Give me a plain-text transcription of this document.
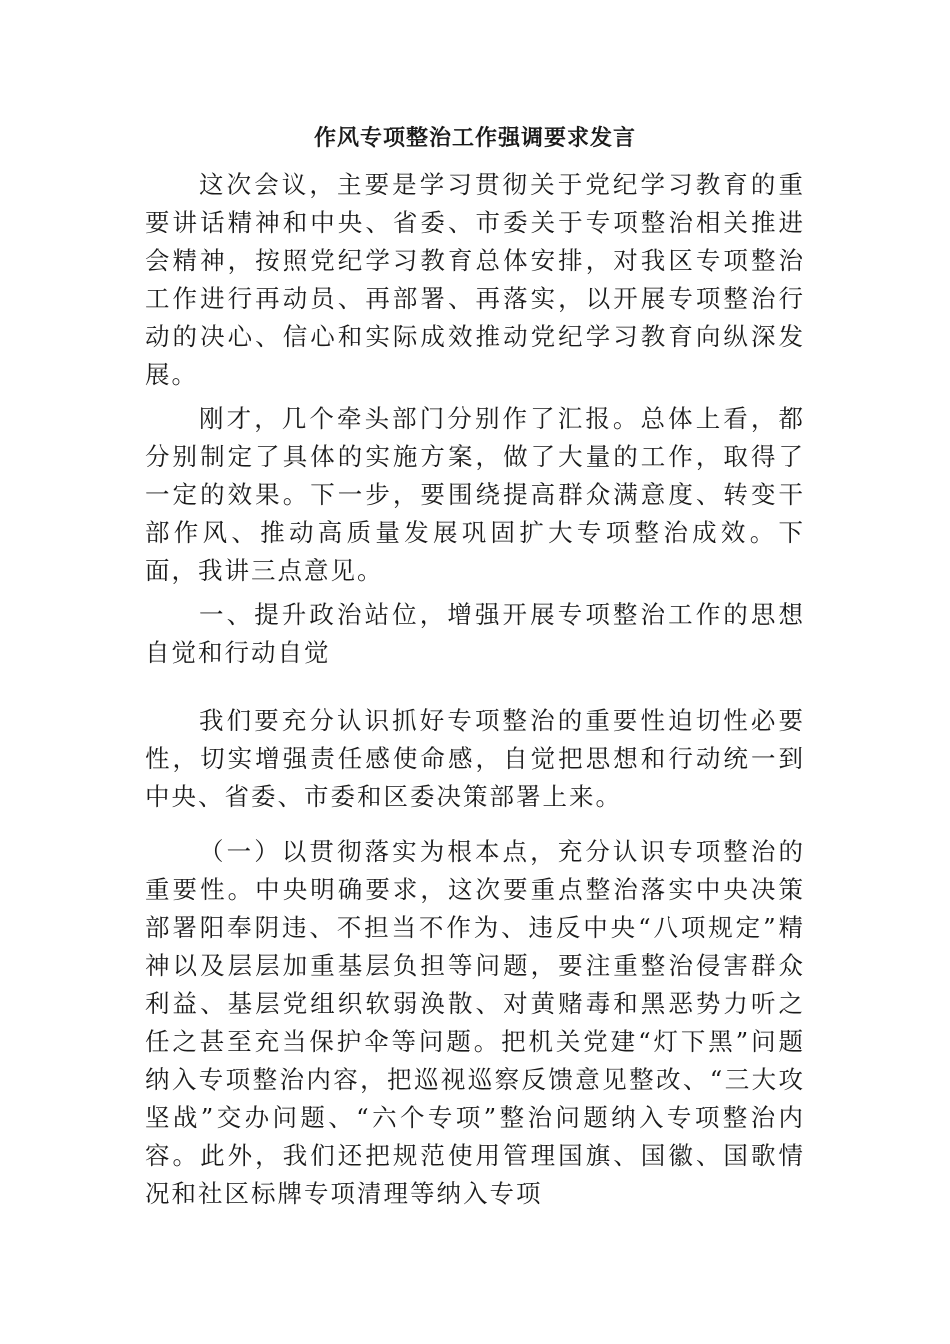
作风专项整治工作强调要求发言

这次会议，主要是学习贯彻关于党纪学习教育的重要讲话精神和中央、省委、市委关于专项整治相关推进会精神，按照党纪学习教育总体安排，对我区专项整治工作进行再动员、再部署、再落实，以开展专项整治行动的决心、信心和实际成效推动党纪学习教育向纵深发展。

刚才，几个牵头部门分别作了汇报。总体上看，都分别制定了具体的实施方案，做了大量的工作，取得了一定的效果。下一步，要围绕提高群众满意度、转变干部作风、推动高质量发展巩固扩大专项整治成效。下面，我讲三点意见。

一、提升政治站位，增强开展专项整治工作的思想自觉和行动自觉

我们要充分认识抓好专项整治的重要性迫切性必要性，切实增强责任感使命感，自觉把思想和行动统一到中央、省委、市委和区委决策部署上来。

（一）以贯彻落实为根本点，充分认识专项整治的重要性。中央明确要求，这次要重点整治落实中央决策部署阳奉阴违、不担当不作为、违反中央“八项规定”精神以及层层加重基层负担等问题，要注重整治侵害群众利益、基层党组织软弱涣散、对黄赌毒和黑恶势力听之任之甚至充当保护伞等问题。把机关党建“灯下黑”问题纳入专项整治内容，把巡视巡察反馈意见整改、“三大攻坚战”交办问题、“六个专项”整治问题纳入专项整治内容。此外，我们还把规范使用管理国旗、国徽、国歌情况和社区标牌专项清理等纳入专项
